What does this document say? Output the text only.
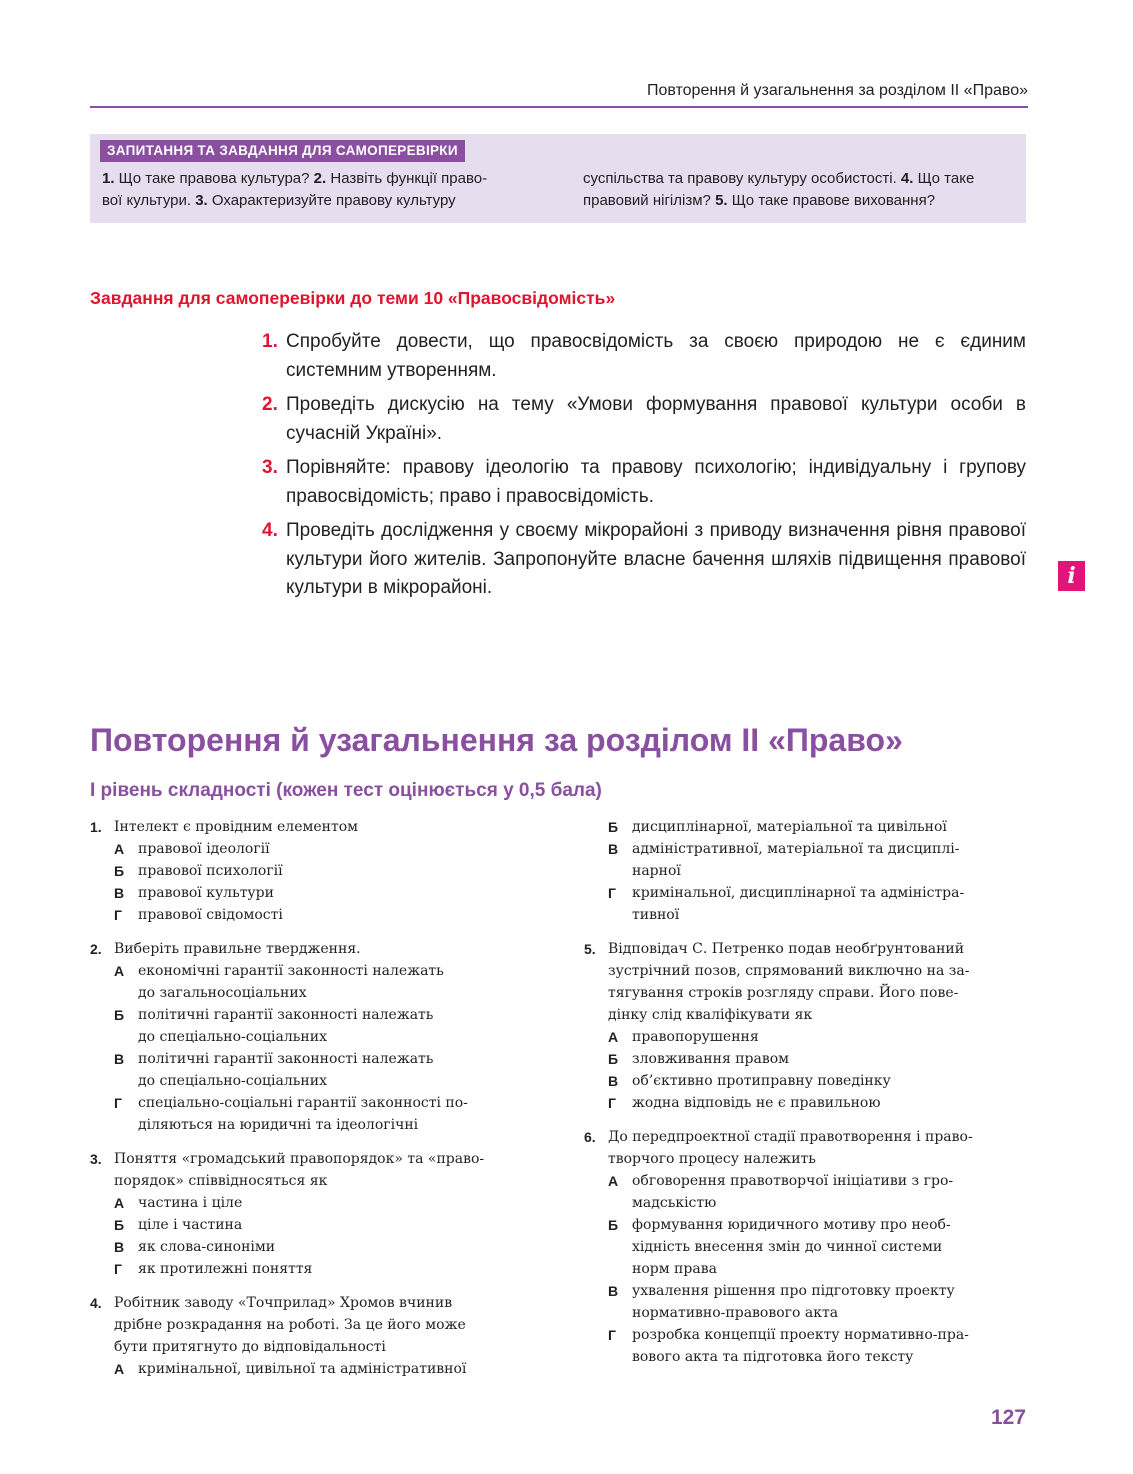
Повторення й узагальнення за розділом ІІ «Право»
ЗАПИТАННЯ ТА ЗАВДАННЯ ДЛЯ САМОПЕРЕВІРКИ
1. Що таке правова культура? 2. Назвіть функції право-
вої культури. 3. Охарактеризуйте правову культуру
суспільства та правову культуру особистості. 4. Що таке
правовий нігілізм? 5. Що таке правове виховання?
Завдання для самоперевірки до теми 10 «Правосвідомість»
1. Спробуйте довести, що правосвідомість за своєю природою не є єдиним системним утворенням.
2. Проведіть дискусію на тему «Умови формування правової культури особи в сучасній Україні».
3. Порівняйте: правову ідеологію та правову психологію; індивідуальну і групову правосвідомість; право і правосвідомість.
4. Проведіть дослідження у своєму мікрорайоні з приводу визначення рівня правової культури його жителів. Запропонуйте власне бачення шляхів підвищення правової культури в мікрорайоні.	i
Повторення й узагальнення за розділом ІІ «Право»
І рівень складності (кожен тест оцінюється у 0,5 бала)
1. Інтелект є провідним елементом
А правової ідеології
Б правової психології
В правової культури
Г правової свідомості
2. Виберіть правильне твердження.
А економічні гарантії законності належать
до загальносоціальних
Б політичні гарантії законності належать
до спеціально-соціальних
В політичні гарантії законності належать
до спеціально-соціальних
Г спеціально-соціальні гарантії законності по-
діляються на юридичні та ідеологічні
3. Поняття «громадський правопорядок» та «право-
порядок» співвідносяться як
А частина і ціле
Б ціле і частина
В як слова-синоніми
Г як протилежні поняття
4. Робітник заводу «Точприлад» Хромов вчинив
дрібне розкрадання на роботі. За це його може
бути притягнуто до відповідальності
А кримінальної, цивільної та адміністративної
Б дисциплінарної, матеріальної та цивільної
В адміністративної, матеріальної та дисциплі-
нарної
Г кримінальної, дисциплінарної та адміністра-
тивної
5. Відповідач С. Петренко подав необґрунтований
зустрічний позов, спрямований виключно на за-
тягування строків розгляду справи. Його пове-
дінку слід кваліфікувати як
А правопорушення
Б зловживання правом
В об’єктивно протиправну поведінку
Г жодна відповідь не є правильною
6. До передпроектної стадії правотворення і право-
творчого процесу належить
А обговорення правотворчої ініціативи з гро-
мадськістю
Б формування юридичного мотиву про необ-
хідність внесення змін до чинної системи
норм права
В ухвалення рішення про підготовку проекту
нормативно-правового акта
Г розробка концепції проекту нормативно-пра-
вового акта та підготовка його тексту
127
